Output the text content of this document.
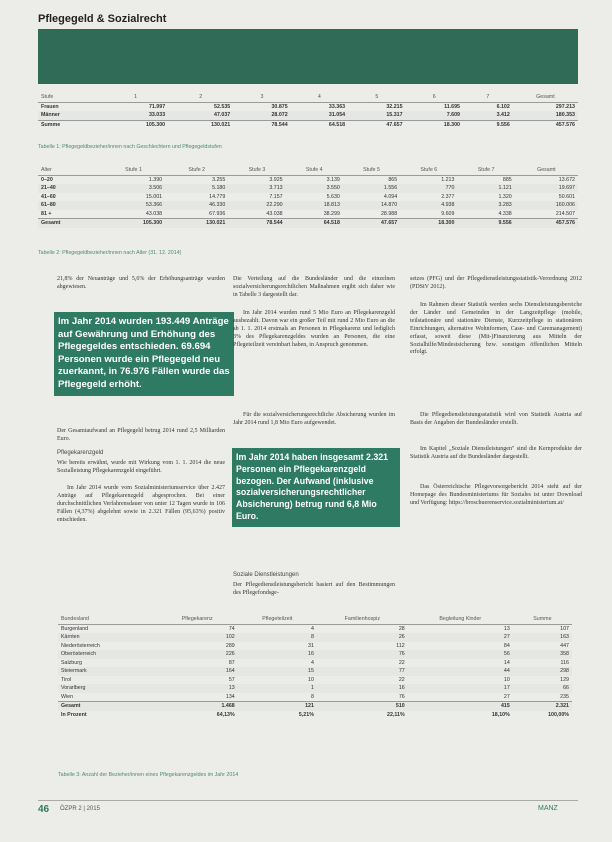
Pflegegeld & Sozialrecht
Stufe	1	2	3	4	5	6	7	Gesamt
Frauen	71.997	52.535	30.875	33.363	32.215	11.695	6.102	297.213
Männer	33.033	47.037	28.072	31.054	15.317	7.609	3.412	180.353
Summe	105.300	130.021	78.544	64.518	47.657	18.300	9.556	457.576
Tabelle 1: Pflegegeldbezieher/innen nach Geschlechtern und Pflegegeldstufen
Alter	Stufe 1	Stufe 2	Stufe 3	Stufe 4	Stufe 5	Stufe 6	Stufe 7	Gesamt
0–20	1.390	3.255	3.925	3.139	865	1.213	885	13.672
21–40	3.506	5.180	3.713	3.550	1.556	770	1.121	19.697
41–60	15.001	14.779	7.157	5.630	4.094	2.377	1.320	50.601
61–80	53.366	46.330	22.290	18.813	14.870	4.938	3.283	160.006
81 +	43.038	67.936	43.038	38.299	28.988	9.609	4.338	214.507
Gesamt	105.300	130.021	78.544	64.518	47.657	18.300	9.556	457.576
Tabelle 2: Pflegegeldbezieher/innen nach Alter (31. 12. 2014)
21,8% der Neuanträge und 5,6% der Erhöhungsanträge wurden abgewiesen.
Im Jahr 2014 wurden 193.449 Anträge auf Gewährung und Erhöhung des Pflegegeldes entschieden. 69.694 Personen wurde ein Pflegegeld neu zuerkannt, in 76.976 Fällen wurde das Pflegegeld erhöht.
Der Gesamtaufwand an Pflegegeld betrug 2014 rund 2,5 Milliarden Euro.
Pflegekarenzgeld
Wie bereits erwähnt, wurde mit Wirkung vom 1. 1. 2014 die neue Sozialleistung Pflegekarenzgeld eingeführt.
Im Jahr 2014 wurde vom Sozialministeriumservice über 2.427 Anträge auf Pflegekarenzgeld abgesprochen. Bei einer durchschnittlichen Verfahrensdauer von unter 12 Tagen wurde in 106 Fällen (4,37%) abgelehnt sowie in 2.321 Fällen (95,63%) positiv entschieden.
Die Verteilung auf die Bundesländer und die einzelnen sozialversicherungsrechtlichen Maßnahmen ergibt sich daher wie in Tabelle 3 dargestellt dar.
Im Jahr 2014 wurden rund 5 Mio Euro an Pflegekarenzgeld ausbezahlt. Davon war ein großer Teil mit rund 2 Mio Euro an die ab 1. 1. 2014 erstmals an Personen in Pflegekarenz und lediglich 3% des Pflegekarenzgeldes wurden an Personen, die eine Pflegeteilzeit vereinbart haben, in Anspruch genommen.
Für die sozialversicherungsrechtliche Absicherung wurden im Jahr 2014 rund 1,8 Mio Euro aufgewendet.
Im Jahr 2014 haben insgesamt 2.321 Personen ein Pflegekarenzgeld bezogen. Der Aufwand (inklusive sozialversicherungsrechtlicher Absicherung) betrug rund 6,8 Mio Euro.
Soziale Dienstleistungen
Der Pflegedienstleistungsbericht basiert auf den Bestimmungen des Pflegefondsge-
setzes (PFG) und der Pflegedienstleistungsstatistik-Verordnung 2012 (PDStV 2012).
Im Rahmen dieser Statistik werden sechs Dienstleistungsbereiche der Länder und Gemeinden in der Langzeitpflege (mobile, teilstationäre und stationäre Dienste, Kurzzeitpflege in stationären Einrichtungen, alternative Wohnformen, Case- und Caremanagement) erfasst, soweit diese (Mit-)Finanzierung aus Mitteln der Sozialhilfe/Mindestsicherung bzw. sonstigen öffentlichen Mitteln erfolgt.
Die Pflegedienstleistungsstatistik wird von Statistik Austria auf Basis der Angaben der Bundesländer erstellt.
Im Kapitel „Soziale Dienstleistungen" sind die Kernprodukte der Statistik Austria auf die Bundesländer dargestellt.
Das Österreichische Pflegevorsorgebericht 2014 steht auf der Homepage des Bundesministeriums für Soziales ist unter Download und Verfügung: https://broschuerenservice.sozialministerium.at/
Bundesland	Pflegekarenz	Pflegeteilzeit	Familienhospiz	Begleitung Kinder	Summe
Burgenland	74	4	28	13	107
Kärnten	102	8	26	27	163
Niederösterreich	289	31	112	84	447
Oberösterreich	226	16	76	56	358
Salzburg	87	4	22	14	116
Steiermark	164	15	77	44	298
Tirol	57	10	22	10	129
Vorarlberg	13	1	16	17	66
Wien	134	8	76	27	235
Gesamt	1.468	121	510	415	2.321
In Prozent	64,13%	5,21%	22,11%	18,10%	100,00%
Tabelle 3: Anzahl der Bezieher/innen eines Pflegekarenzgeldes im Jahr 2014
46 ÖZPR 2 | 2015	MANZ
